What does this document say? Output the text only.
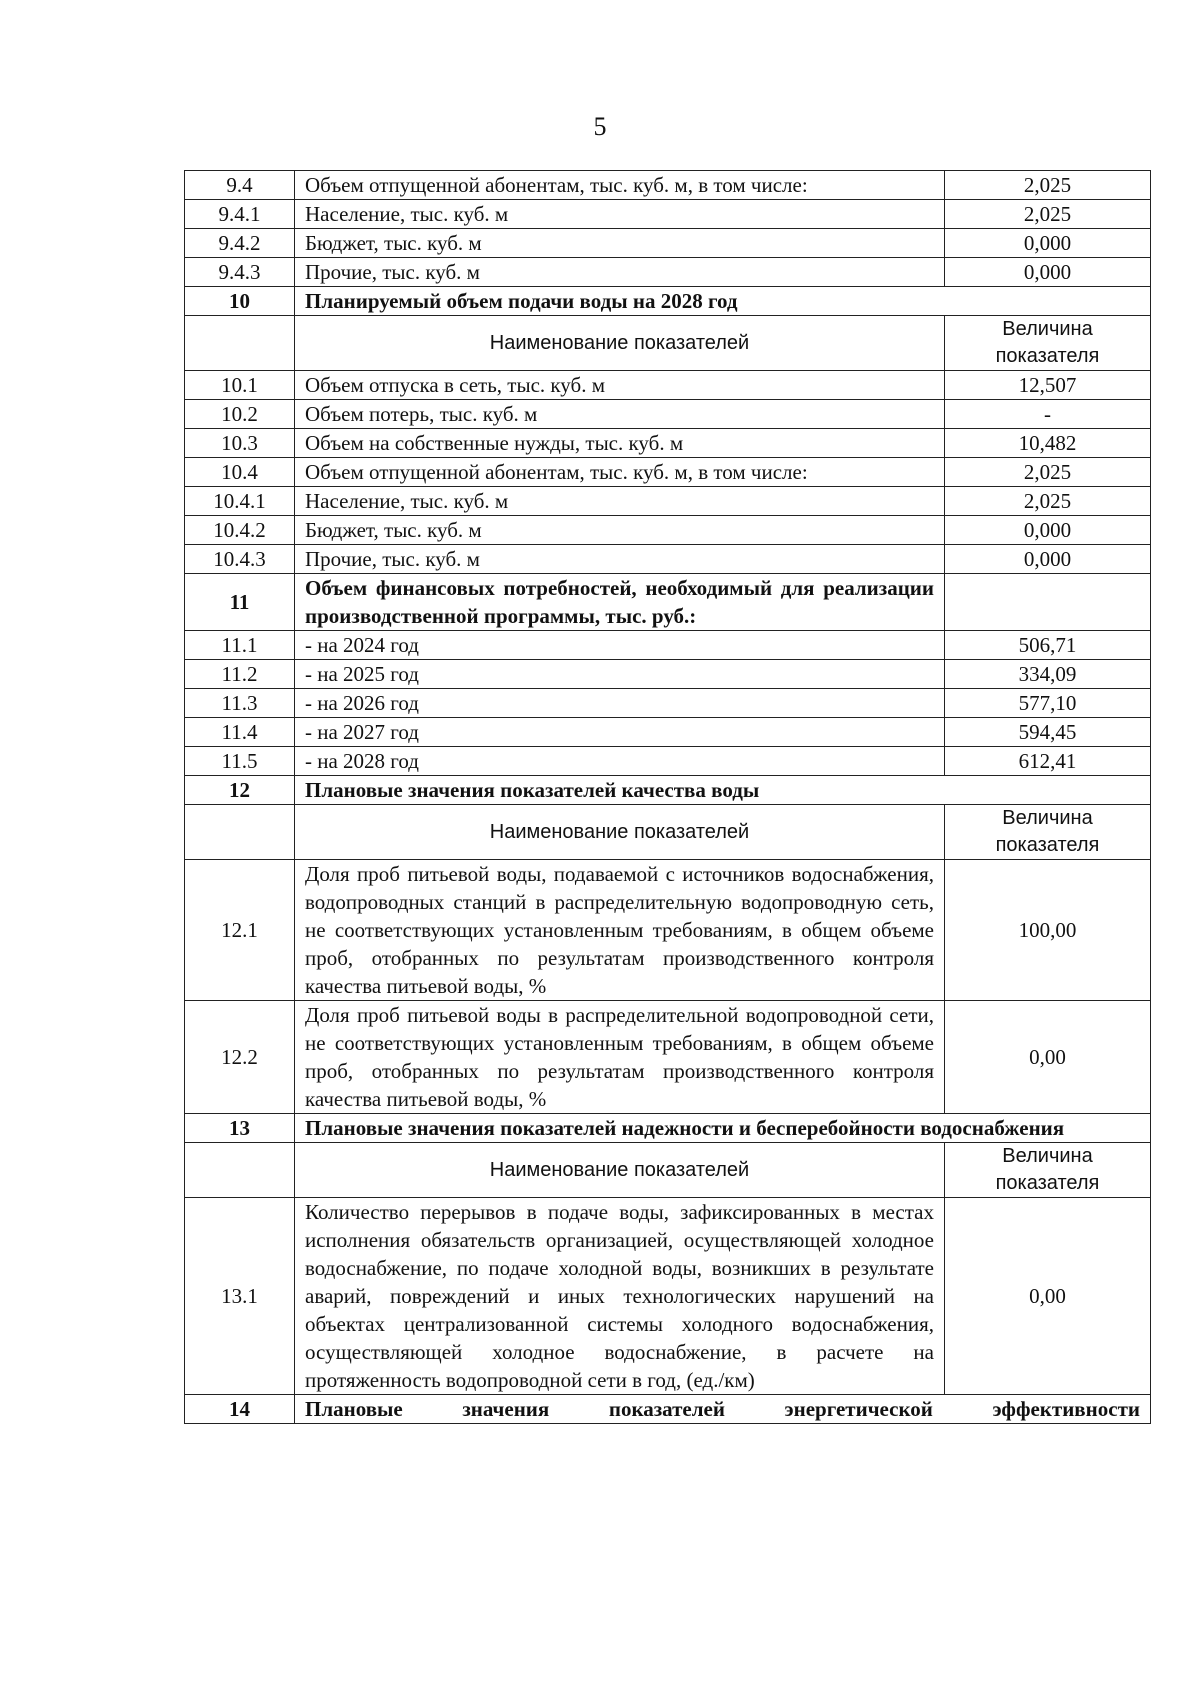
5
9.4	Объем отпущенной абонентам, тыс. куб. м, в том числе:	2,025
9.4.1	Население, тыс. куб. м	2,025
9.4.2	Бюджет, тыс. куб. м	0,000
9.4.3	Прочие, тыс. куб. м	0,000
10	Планируемый объем подачи воды на 2028 год	
	Наименование показателей	Величина показателя
10.1	Объем отпуска в сеть, тыс. куб. м	12,507
10.2	Объем потерь, тыс. куб. м	-
10.3	Объем на собственные нужды, тыс. куб. м	10,482
10.4	Объем отпущенной абонентам, тыс. куб. м, в том числе:	2,025
10.4.1	Население, тыс. куб. м	2,025
10.4.2	Бюджет, тыс. куб. м	0,000
10.4.3	Прочие, тыс. куб. м	0,000
11	Объем финансовых потребностей, необходимый для реализации производственной программы, тыс. руб.:	
11.1	- на 2024 год	506,71
11.2	- на 2025 год	334,09
11.3	- на 2026 год	577,10
11.4	- на 2027 год	594,45
11.5	- на 2028 год	612,41
12	Плановые значения показателей качества воды	
	Наименование показателей	Величина показателя
12.1	Доля проб питьевой воды, подаваемой с источников водоснабжения, водопроводных станций в распределительную водопроводную сеть, не соответствующих установленным требованиям, в общем объеме проб, отобранных по результатам производственного контроля качества питьевой воды, %	100,00
12.2	Доля проб питьевой воды в распределительной водопроводной сети, не соответствующих установленным требованиям, в общем объеме проб, отобранных по результатам производственного контроля качества питьевой воды, %	0,00
13	Плановые значения показателей надежности и бесперебойности водоснабжения	
	Наименование показателей	Величина показателя
13.1	Количество перерывов в подаче воды, зафиксированных в местах исполнения обязательств организацией, осуществляющей холодное водоснабжение, по подаче холодной воды, возникших в результате аварий, повреждений и иных технологических нарушений на объектах централизованной системы холодного водоснабжения, осуществляющей холодное водоснабжение, в расчете на протяженность водопроводной сети в год, (ед./км)	0,00
14	Плановые значения показателей энергетической эффективности	
